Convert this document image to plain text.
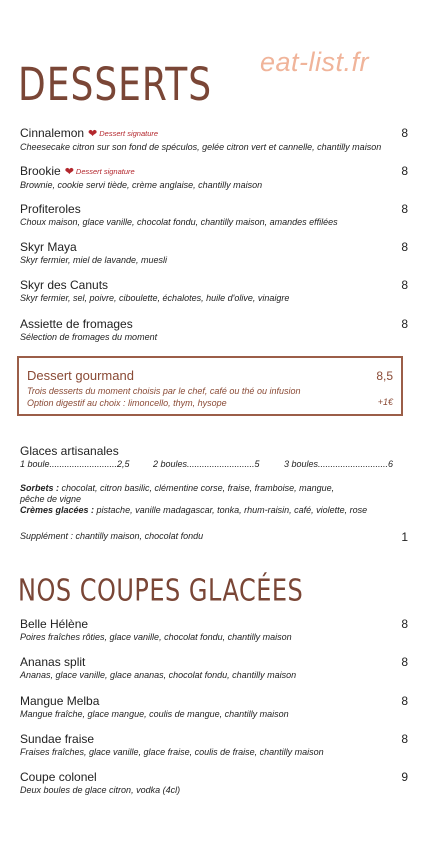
eat-list.fr
DESSERTS
Cinnalemon ❤ Dessert signature
Cheesecake citron sur son fond de spéculos, gelée citron vert et cannelle, chantilly maison
8
Brookie ❤ Dessert signature
Brownie, cookie servi tiède, crème anglaise, chantilly maison
8
Profiteroles
Choux maison, glace vanille, chocolat fondu, chantilly maison, amandes effilées
8
Skyr Maya
Skyr fermier, miel de lavande, muesli
8
Skyr des Canuts
Skyr fermier, sel, poivre, ciboulette, échalotes, huile d'olive, vinaigre
8
Assiette de fromages
Sélection de fromages du moment
8
Dessert gourmand	8,5
Trois desserts du moment choisis par le chef, café ou thé ou infusion
Option digestif au choix : limoncello, thym, hysope	+1€
Glaces artisanales
1 boule...........................2,5	2 boules...........................5	3 boules............................6
Sorbets : chocolat, citron basilic, clémentine corse, fraise, framboise, mangue,
pêche de vigne
Crèmes glacées : pistache, vanille madagascar, tonka, rhum-raisin, café, violette, rose
Supplément : chantilly maison, chocolat fondu	1
NOS COUPES GLACÉES
Belle Hélène
Poires fraîches rôties, glace vanille, chocolat fondu, chantilly maison
8
Ananas split
Ananas, glace vanille, glace ananas, chocolat fondu, chantilly maison
8
Mangue Melba
Mangue fraîche, glace mangue, coulis de mangue, chantilly maison
8
Sundae fraise
Fraises fraîches, glace vanille, glace fraise, coulis de fraise, chantilly maison
8
Coupe colonel
Deux boules de glace citron, vodka (4cl)
9
